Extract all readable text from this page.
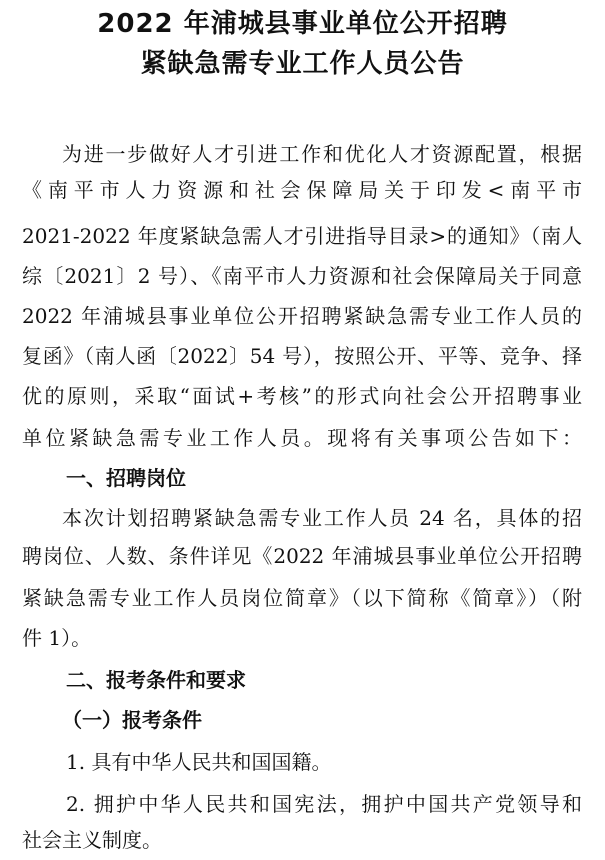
2022 年浦城县事业单位公开招聘
紧缺急需专业工作人员公告
为进一步做好人才引进工作和优化人才资源配置，根据
《南平市人力资源和社会保障局关于印发<南平市
2021-2022 年度紧缺急需人才引进指导目录>的通知》（南人
综〔2021〕2 号）、《南平市人力资源和社会保障局关于同意
2022 年浦城县事业单位公开招聘紧缺急需专业工作人员的
复函》（南人函〔2022〕54 号），按照公开、平等、竞争、择
优的原则，采取“面试+考核”的形式向社会公开招聘事业
单位紧缺急需专业工作人员。现将有关事项公告如下：
一、招聘岗位
本次计划招聘紧缺急需专业工作人员 24 名，具体的招
聘岗位、人数、条件详见《2022 年浦城县事业单位公开招聘
紧缺急需专业工作人员岗位简章》（以下简称《简章》）（附
件 1）。
二、报考条件和要求
（一）报考条件
1. 具有中华人民共和国国籍。
2. 拥护中华人民共和国宪法，拥护中国共产党领导和
社会主义制度。
